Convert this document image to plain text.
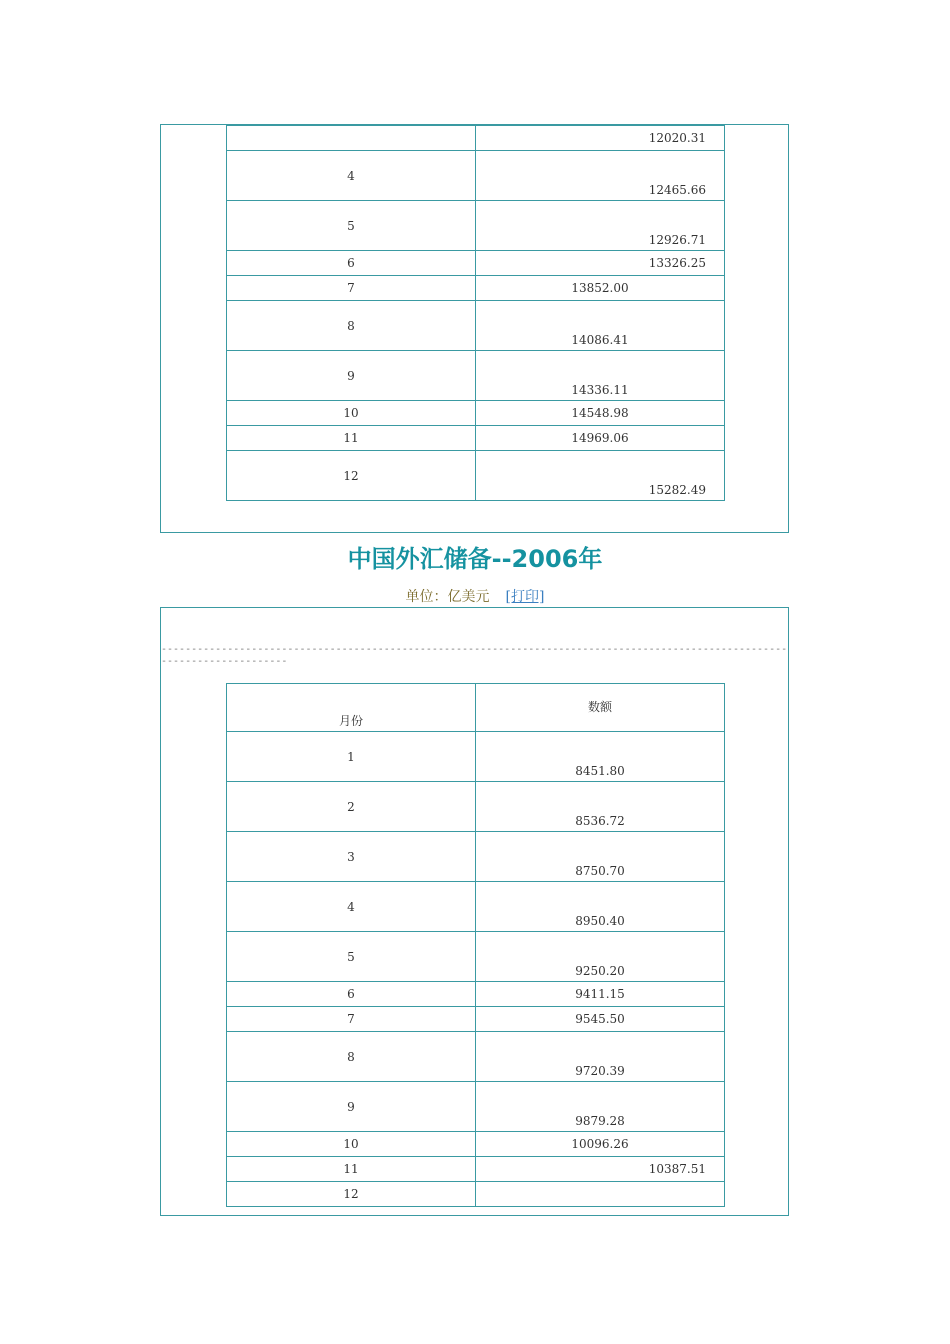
	12020.31

4	12465.66

5	12926.71

6	13326.25

7	13852.00

8	14086.41

9	14336.11

10	14548.98

11	14969.06

12	15282.49
中国外汇储备--2006年
单位：亿美元 [打印]
-----------------------------------------------------------------------------------------------------------------------------
月份	数额

1	8451.80

2	8536.72

3	8750.70

4	8950.40

5	9250.20

6	9411.15

7	9545.50

8	9720.39

9	9879.28

10	10096.26

11	10387.51

12	
